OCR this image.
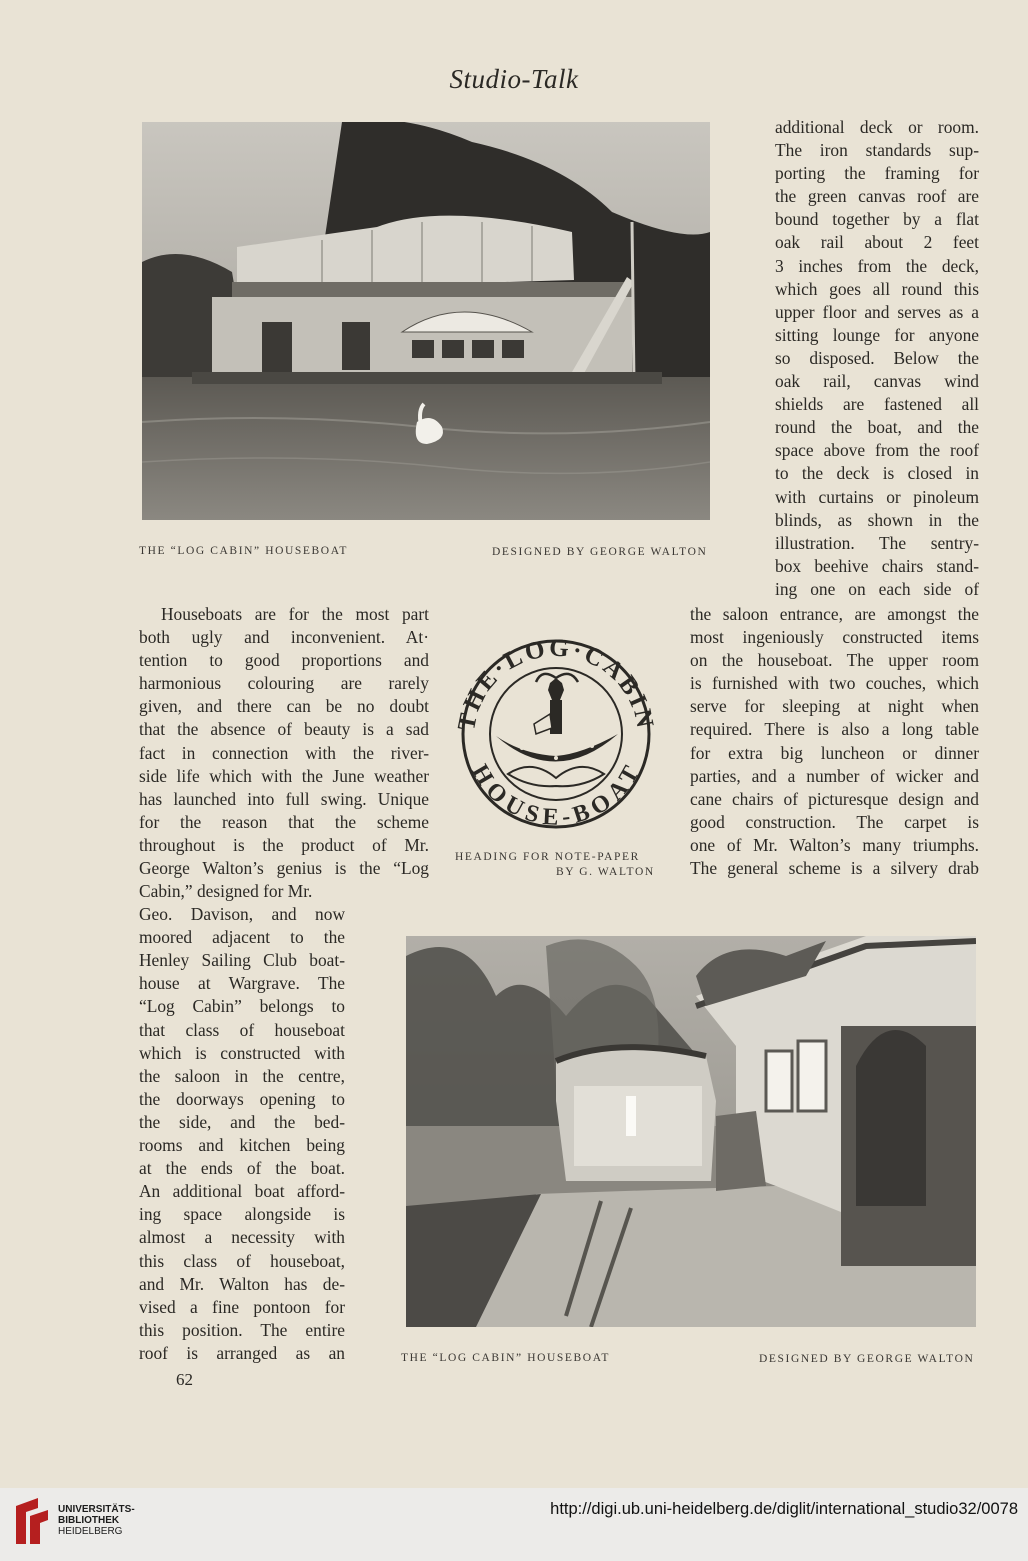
Studio-Talk
THE “LOG CABIN” HOUSEBOAT	DESIGNED BY GEORGE WALTON
additional deck or room.
The iron standards sup-
porting the framing for
the green canvas roof are
bound together by a flat
oak rail about 2 feet
3 inches from the deck,
which goes all round this
upper floor and serves as a
sitting lounge for anyone
so disposed. Below the
oak rail, canvas wind
shields are fastened all
round the boat, and the
space above from the roof
to the deck is closed in
with curtains or pinoleum
blinds, as shown in the
illustration. The sentry-
box beehive chairs stand-
ing one on each side of
the saloon entrance, are amongst the
most ingeniously constructed items
on the houseboat. The upper room
is furnished with two couches, which
serve for sleeping at night when
required. There is also a long table
for extra big luncheon or dinner
parties, and a number of wicker and
cane chairs of picturesque design and
good construction. The carpet is
one of Mr. Walton’s many triumphs.
The general scheme is a silvery drab
Houseboats are for the most part
both ugly and inconvenient. At·
tention to good proportions and
harmonious colouring are rarely
given, and there can be no doubt
that the absence of beauty is a sad
fact in connection with the river-
side life which with the June weather
has launched into full swing. Unique
for the reason that the scheme
throughout is the product of Mr.
George Walton’s genius is the “Log
Cabin,” designed for Mr.
Geo. Davison, and now
moored adjacent to the
Henley Sailing Club boat-
house at Wargrave. The
“Log Cabin” belongs to
that class of houseboat
which is constructed with
the saloon in the centre,
the doorways opening to
the side, and the bed-
rooms and kitchen being
at the ends of the boat.
An additional boat afford-
ing space alongside is
almost a necessity with
this class of houseboat,
and Mr. Walton has de-
vised a fine pontoon for
this position. The entire
roof is arranged as an
THE·LOG·CABIN
HOUSE-BOAT
HEADING FOR NOTE-PAPER
BY G. WALTON
THE “LOG CABIN” HOUSEBOAT	DESIGNED BY GEORGE WALTON
62
UNIVERSITÄTS-
BIBLIOTHEK
HEIDELBERG
http://digi.ub.uni-heidelberg.de/diglit/international_studio32/0078
